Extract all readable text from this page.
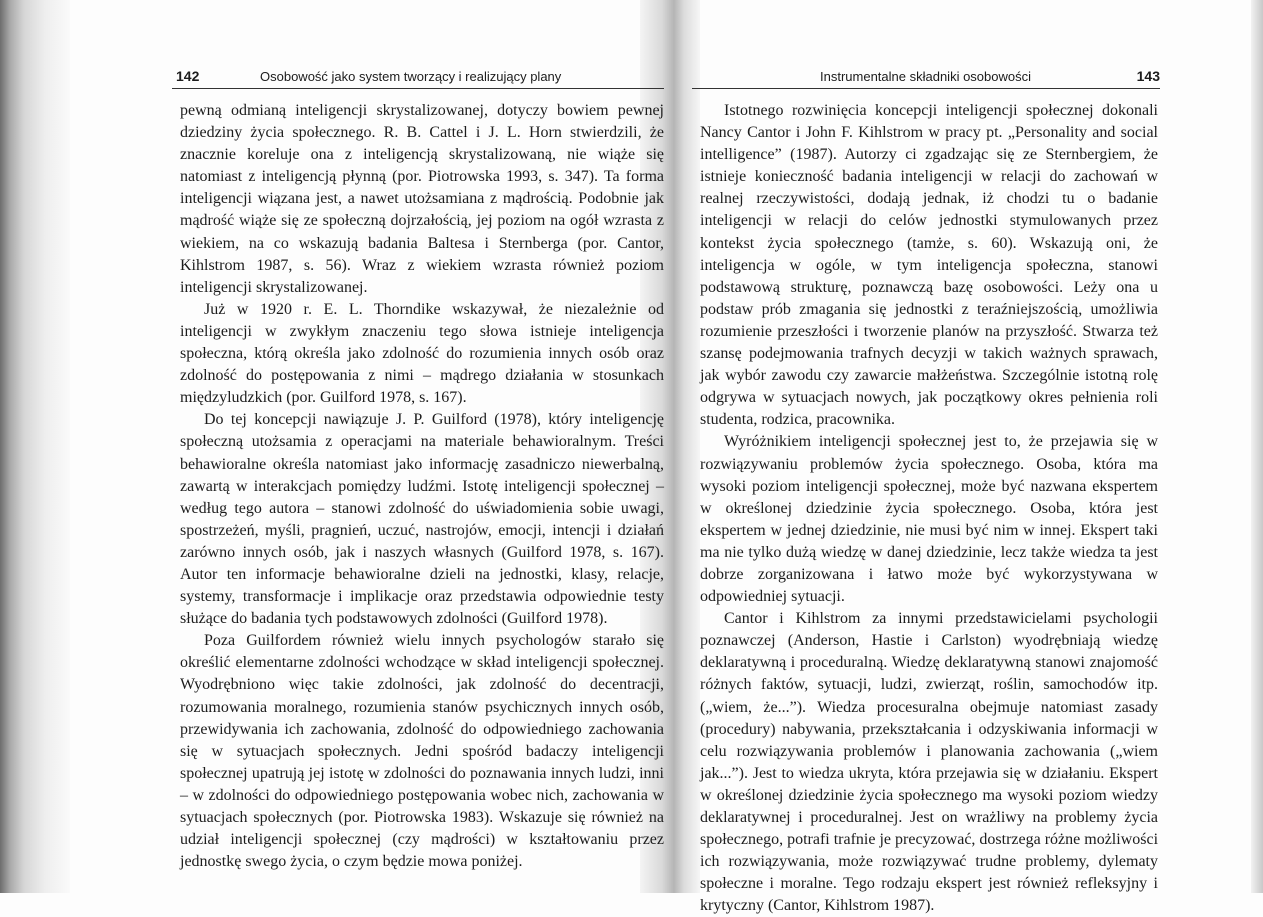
142	Osobowość jako system tworzący i realizujący plany

pewną odmianą inteligencji skrystalizowanej, dotyczy bowiem pewnej dziedziny życia społecznego. R. B. Cattel i J. L. Horn stwierdzili, że znacznie koreluje ona z inteligencją skrystalizowaną, nie wiąże się natomiast z inteligencją płynną (por. Piotrowska 1993, s. 347). Ta forma inteligencji wiązana jest, a nawet utożsamiana z mądrością. Podobnie jak mądrość wiąże się ze społeczną dojrzałością, jej poziom na ogół wzrasta z wiekiem, na co wskazują badania Baltesa i Sternberga (por. Cantor, Kihlstrom 1987, s. 56). Wraz z wiekiem wzrasta również poziom inteligencji skrystalizowanej.

Już w 1920 r. E. L. Thorndike wskazywał, że niezależnie od inteligencji w zwykłym znaczeniu tego słowa istnieje inteligencja społeczna, którą określa jako zdolność do rozumienia innych osób oraz zdolność do postępowania z nimi – mądrego działania w stosunkach międzyludzkich (por. Guilford 1978, s. 167).

Do tej koncepcji nawiązuje J. P. Guilford (1978), który inteligencję społeczną utożsamia z operacjami na materiale behawioralnym. Treści behawioralne określa natomiast jako informację zasadniczo niewerbalną, zawartą w interakcjach pomiędzy ludźmi. Istotę inteligencji społecznej – według tego autora – stanowi zdolność do uświadomienia sobie uwagi, spostrzeżeń, myśli, pragnień, uczuć, nastrojów, emocji, intencji i działań zarówno innych osób, jak i naszych własnych (Guilford 1978, s. 167). Autor ten informacje behawioralne dzieli na jednostki, klasy, relacje, systemy, transformacje i implikacje oraz przedstawia odpowiednie testy służące do badania tych podstawowych zdolności (Guilford 1978).

Poza Guilfordem również wielu innych psychologów starało się określić elementarne zdolności wchodzące w skład inteligencji społecznej. Wyodrębniono więc takie zdolności, jak zdolność do decentracji, rozumowania moralnego, rozumienia stanów psychicznych innych osób, przewidywania ich zachowania, zdolność do odpowiedniego zachowania się w sytuacjach społecznych. Jedni spośród badaczy inteligencji społecznej upatrują jej istotę w zdolności do poznawania innych ludzi, inni – w zdolności do odpowiedniego postępowania wobec nich, zachowania w sytuacjach społecznych (por. Piotrowska 1983). Wskazuje się również na udział inteligencji społecznej (czy mądrości) w kształtowaniu przez jednostkę swego życia, o czym będzie mowa poniżej.

Instrumentalne składniki osobowości	143

Istotnego rozwinięcia koncepcji inteligencji społecznej dokonali Nancy Cantor i John F. Kihlstrom w pracy pt. „Personality and social intelligence” (1987). Autorzy ci zgadzając się ze Sternbergiem, że istnieje konieczność badania inteligencji w relacji do zachowań w realnej rzeczywistości, dodają jednak, iż chodzi tu o badanie inteligencji w relacji do celów jednostki stymulowanych przez kontekst życia społecznego (tamże, s. 60). Wskazują oni, że inteligencja w ogóle, w tym inteligencja społeczna, stanowi podstawową strukturę, poznawczą bazę osobowości. Leży ona u podstaw prób zmagania się jednostki z teraźniejszością, umożliwia rozumienie przeszłości i tworzenie planów na przyszłość. Stwarza też szansę podejmowania trafnych decyzji w takich ważnych sprawach, jak wybór zawodu czy zawarcie małżeństwa. Szczególnie istotną rolę odgrywa w sytuacjach nowych, jak początkowy okres pełnienia roli studenta, rodzica, pracownika.

Wyróżnikiem inteligencji społecznej jest to, że przejawia się w rozwiązywaniu problemów życia społecznego. Osoba, która ma wysoki poziom inteligencji społecznej, może być nazwana ekspertem w określonej dziedzinie życia społecznego. Osoba, która jest ekspertem w jednej dziedzinie, nie musi być nim w innej. Ekspert taki ma nie tylko dużą wiedzę w danej dziedzinie, lecz także wiedza ta jest dobrze zorganizowana i łatwo może być wykorzystywana w odpowiedniej sytuacji.

Cantor i Kihlstrom za innymi przedstawicielami psychologii poznawczej (Anderson, Hastie i Carlston) wyodrębniają wiedzę deklaratywną i proceduralną. Wiedzę deklaratywną stanowi znajomość różnych faktów, sytuacji, ludzi, zwierząt, roślin, samochodów itp. („wiem, że...”). Wiedza procesuralna obejmuje natomiast zasady (procedury) nabywania, przekształcania i odzyskiwania informacji w celu rozwiązywania problemów i planowania zachowania („wiem jak...”). Jest to wiedza ukryta, która przejawia się w działaniu. Ekspert w określonej dziedzinie życia społecznego ma wysoki poziom wiedzy deklaratywnej i proceduralnej. Jest on wrażliwy na problemy życia społecznego, potrafi trafnie je precyzować, dostrzega różne możliwości ich rozwiązywania, może rozwiązywać trudne problemy, dylematy społeczne i moralne. Tego rodzaju ekspert jest również refleksyjny i krytyczny (Cantor, Kihlstrom 1987).
